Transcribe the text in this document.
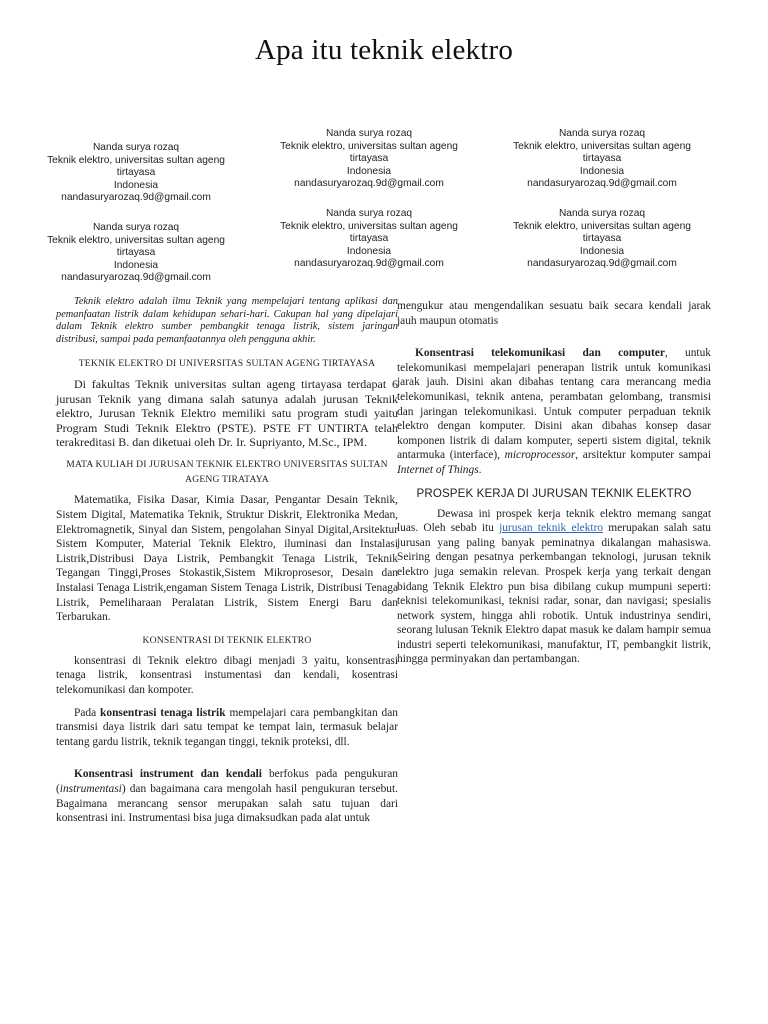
Apa itu teknik elektro
Nanda surya rozaq
Teknik elektro, universitas sultan ageng
tirtayasa
Indonesia
nandasuryarozaq.9d@gmail.com
Nanda surya rozaq
Teknik elektro, universitas sultan ageng
tirtayasa
Indonesia
nandasuryarozaq.9d@gmail.com
Nanda surya rozaq
Teknik elektro, universitas sultan ageng
tirtayasa
Indonesia
nandasuryarozaq.9d@gmail.com
Nanda surya rozaq
Teknik elektro, universitas sultan ageng
tirtayasa
Indonesia
nandasuryarozaq.9d@gmail.com
Nanda surya rozaq
Teknik elektro, universitas sultan ageng
tirtayasa
Indonesia
nandasuryarozaq.9d@gmail.com
Nanda surya rozaq
Teknik elektro, universitas sultan ageng
tirtayasa
Indonesia
nandasuryarozaq.9d@gmail.com

Teknik elektro adalah ilmu Teknik yang mempelajari tentang aplikasi dan pemanfaatan listrik dalam kehidupan sehari-hari. Cakupan hal yang dipelajari dalam Teknik elektro sumber pembangkit tenaga listrik, sistem jaringan distribusi, sampai pada pemanfaatannya oleh pengguna akhir.

TEKNIK ELEKTRO DI UNIVERSITAS SULTAN AGENG TIRTAYASA

Di fakultas Teknik universitas sultan ageng tirtayasa terdapat 6 jurusan Teknik yang dimana salah satunya adalah jurusan Teknik elektro, Jurusan Teknik Elektro memiliki satu program studi yaitu Program Studi Teknik Elektro (PSTE). PSTE FT UNTIRTA telah terakreditasi B. dan diketuai oleh Dr. Ir. Supriyanto, M.Sc., IPM.

MATA KULIAH DI JURUSAN TEKNIK ELEKTRO UNIVERSITAS SULTAN AGENG TIRATAYA

Matematika, Fisika Dasar, Kimia Dasar, Pengantar Desain Teknik, Sistem Digital, Matematika Teknik, Struktur Diskrit, Elektronika Medan, Elektromagnetik, Sinyal dan Sistem, pengolahan Sinyal Digital,Arsitektur Sistem Komputer, Material Teknik Elektro, iluminasi dan Instalasi Listrik,Distribusi Daya Listrik, Pembangkit Tenaga Listrik, Teknik Tegangan Tinggi,Proses Stokastik,Sistem Mikroprosesor, Desain dan Instalasi Tenaga Listrik,engaman Sistem Tenaga Listrik, Distribusi Tenaga Listrik, Pemeliharaan Peralatan Listrik, Sistem Energi Baru dan Terbarukan.

KONSENTRASI DI TEKNIK ELEKTRO

konsentrasi di Teknik elektro dibagi menjadi 3 yaitu, konsentrasi tenaga listrik, konsentrasi instumentasi dan kendali, kosentrasi telekomunikasi dan kompoter.

Pada konsentrasi tenaga listrik mempelajari cara pembangkitan dan transmisi daya listrik dari satu tempat ke tempat lain, termasuk belajar tentang gardu listrik, teknik tegangan tinggi, teknik proteksi, dll.

Konsentrasi instrument dan kendali berfokus pada pengukuran (instrumentasi) dan bagaimana cara mengolah hasil pengukuran tersebut. Bagaimana merancang sensor merupakan salah satu tujuan dari konsentrasi ini. Instrumentasi bisa juga dimaksudkan pada alat untuk

mengukur atau mengendalikan sesuatu baik secara kendali jarak jauh maupun otomatis

Konsentrasi telekomunikasi dan computer, untuk telekomunikasi mempelajari penerapan listrik untuk komunikasi jarak jauh. Disini akan dibahas tentang cara merancang media telekomunikasi, teknik antena, perambatan gelombang, transmisi dan jaringan telekomunikasi. Untuk computer perpaduan teknik elektro dengan komputer. Disini akan dibahas konsep dasar komponen listrik di dalam komputer, seperti sistem digital, teknik antarmuka (interface), microprocessor, arsitektur komputer sampai Internet of Things.

PROSPEK KERJA DI JURUSAN TEKNIK ELEKTRO

Dewasa ini prospek kerja teknik elektro memang sangat luas. Oleh sebab itu jurusan teknik elektro merupakan salah satu jurusan yang paling banyak peminatnya dikalangan mahasiswa. Seiring dengan pesatnya perkembangan teknologi, jurusan teknik elektro juga semakin relevan. Prospek kerja yang terkait dengan bidang Teknik Elektro pun bisa dibilang cukup mumpuni seperti: teknisi telekomunikasi, teknisi radar, sonar, dan navigasi; spesialis network system, hingga ahli robotik. Untuk industrinya sendiri, seorang lulusan Teknik Elektro dapat masuk ke dalam hampir semua industri seperti telekomunikasi, manufaktur, IT, pembangkit listrik, hingga perminyakan dan pertambangan.
